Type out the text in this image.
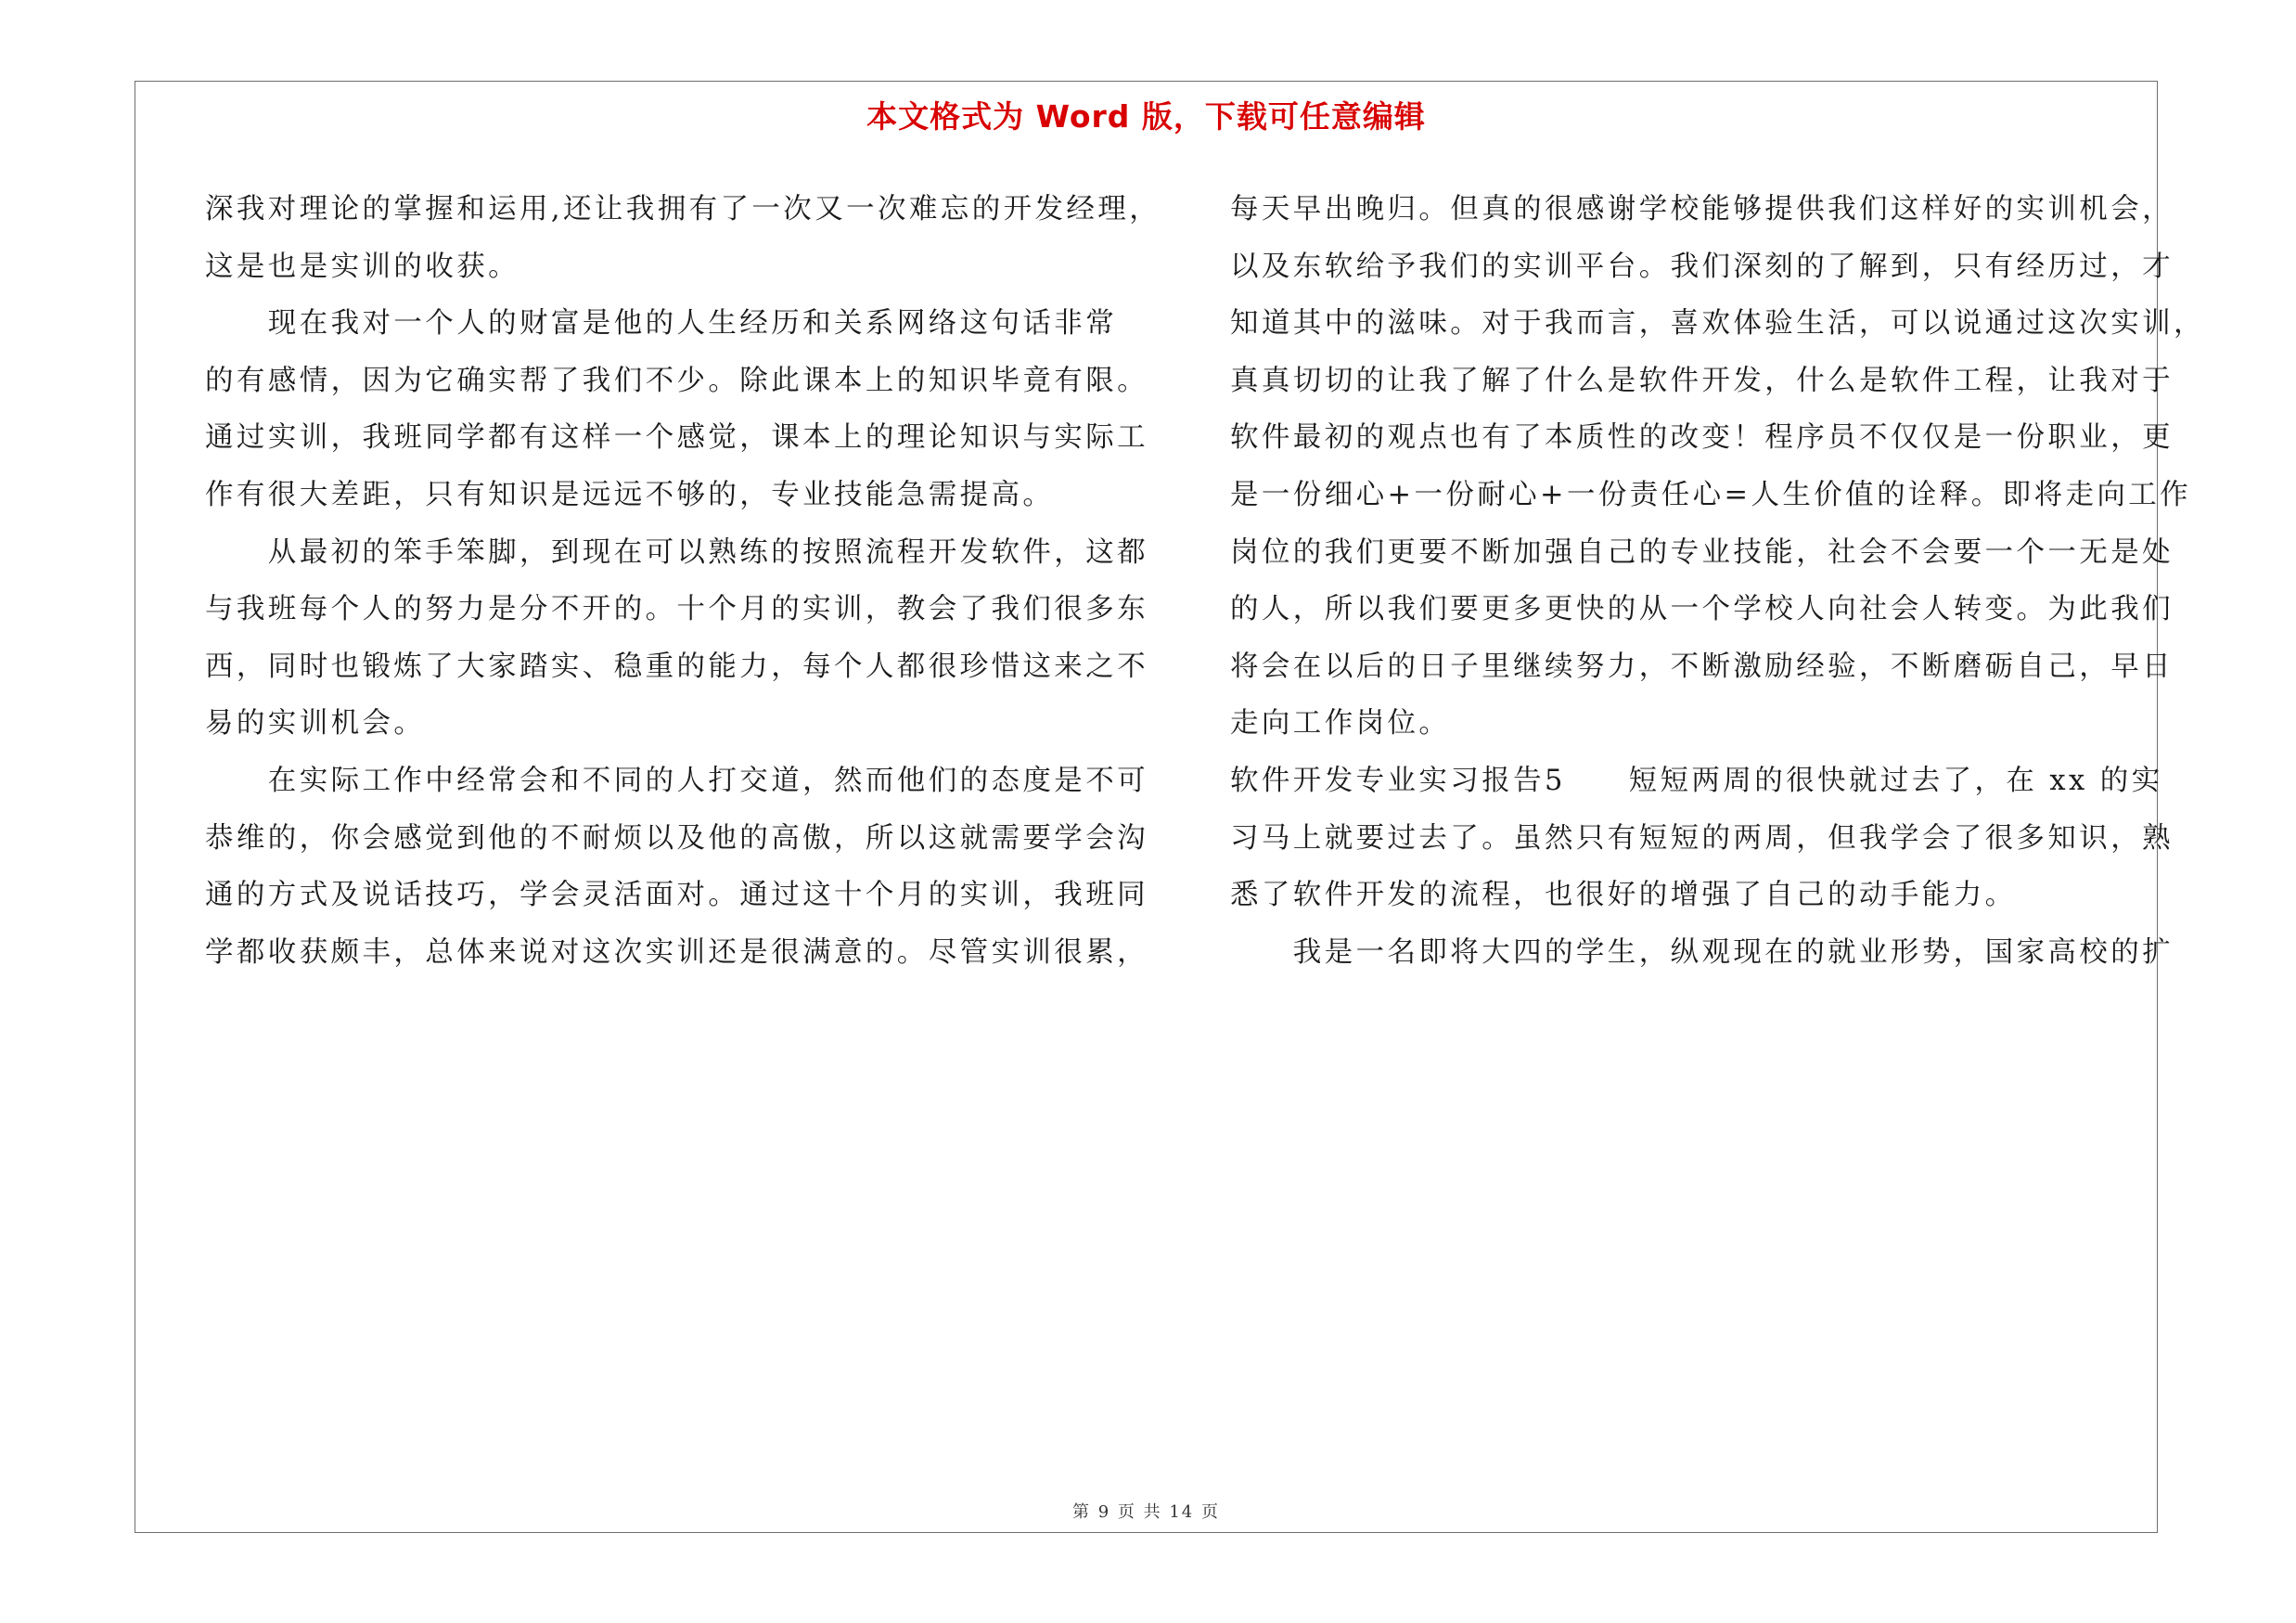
本文格式为 Word 版，下载可任意编辑
深我对理论的掌握和运用,还让我拥有了一次又一次难忘的开发经理，
这是也是实训的收获。
　　现在我对一个人的财富是他的人生经历和关系网络这句话非常
的有感情，因为它确实帮了我们不少。除此课本上的知识毕竟有限。
通过实训，我班同学都有这样一个感觉，课本上的理论知识与实际工
作有很大差距，只有知识是远远不够的，专业技能急需提高。
　　从最初的笨手笨脚，到现在可以熟练的按照流程开发软件，这都
与我班每个人的努力是分不开的。十个月的实训，教会了我们很多东
西，同时也锻炼了大家踏实、稳重的能力，每个人都很珍惜这来之不
易的实训机会。
　　在实际工作中经常会和不同的人打交道，然而他们的态度是不可
恭维的，你会感觉到他的不耐烦以及他的高傲，所以这就需要学会沟
通的方式及说话技巧，学会灵活面对。通过这十个月的实训，我班同
学都收获颇丰，总体来说对这次实训还是很满意的。尽管实训很累，
每天早出晚归。但真的很感谢学校能够提供我们这样好的实训机会，
以及东软给予我们的实训平台。我们深刻的了解到，只有经历过，才
知道其中的滋味。对于我而言，喜欢体验生活，可以说通过这次实训，
真真切切的让我了解了什么是软件开发，什么是软件工程，让我对于
软件最初的观点也有了本质性的改变！程序员不仅仅是一份职业，更
是一份细心+一份耐心+一份责任心=人生价值的诠释。即将走向工作
岗位的我们更要不断加强自己的专业技能，社会不会要一个一无是处
的人，所以我们要更多更快的从一个学校人向社会人转变。为此我们
将会在以后的日子里继续努力，不断激励经验，不断磨砺自己，早日
走向工作岗位。
软件开发专业实习报告5　　短短两周的很快就过去了，在 xx 的实
习马上就要过去了。虽然只有短短的两周，但我学会了很多知识，熟
悉了软件开发的流程，也很好的增强了自己的动手能力。
　　我是一名即将大四的学生，纵观现在的就业形势，国家高校的扩
第 9 页 共 14 页
